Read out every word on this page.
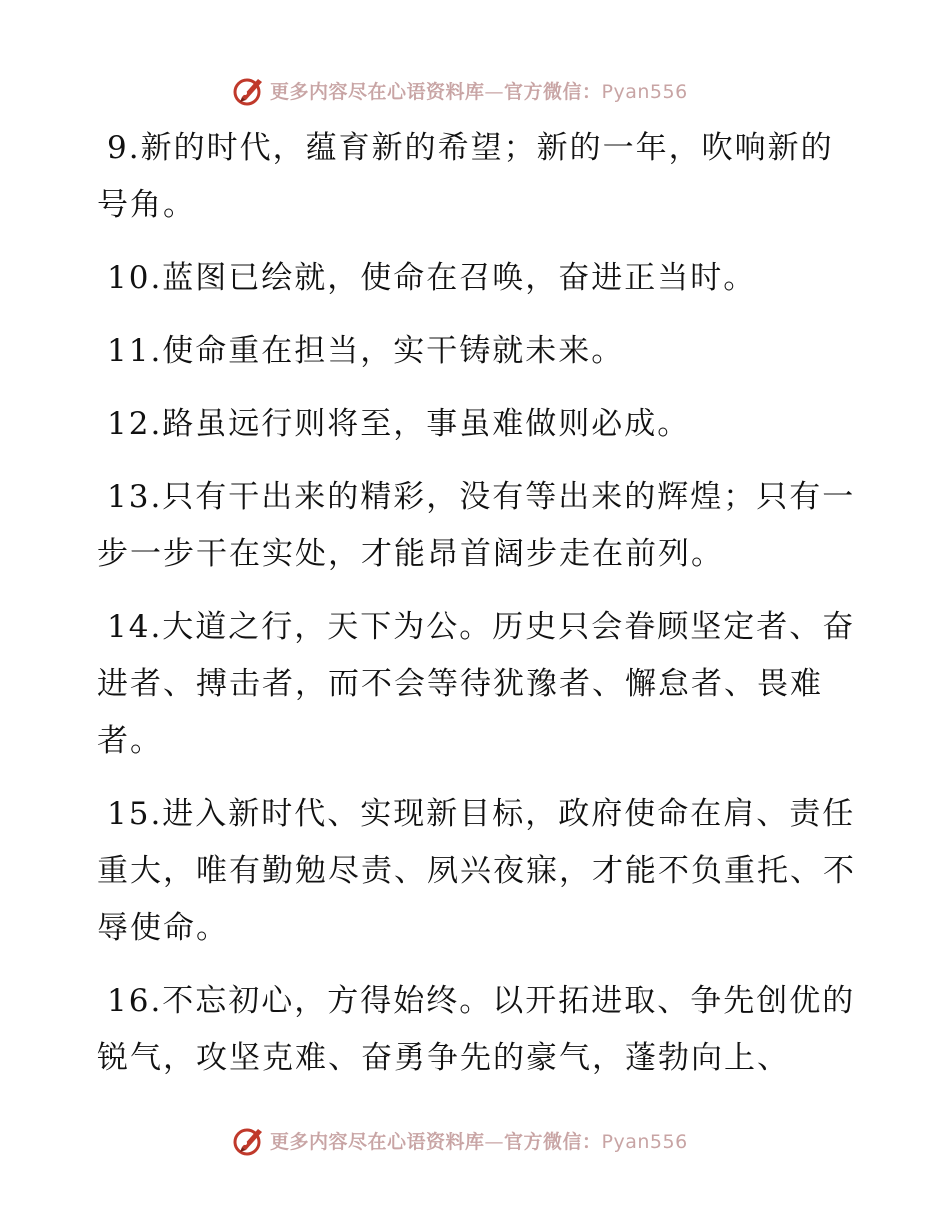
更多内容尽在心语资料库—官方微信：Pyan556

9.新的时代，蕴育新的希望；新的一年，吹响新的号角。

10.蓝图已绘就，使命在召唤，奋进正当时。

11.使命重在担当，实干铸就未来。

12.路虽远行则将至，事虽难做则必成。

13.只有干出来的精彩，没有等出来的辉煌；只有一步一步干在实处，才能昂首阔步走在前列。

14.大道之行，天下为公。历史只会眷顾坚定者、奋进者、搏击者，而不会等待犹豫者、懈怠者、畏难者。

15.进入新时代、实现新目标，政府使命在肩、责任重大，唯有勤勉尽责、夙兴夜寐，才能不负重托、不辱使命。

16.不忘初心，方得始终。以开拓进取、争先创优的锐气，攻坚克难、奋勇争先的豪气，蓬勃向上、

更多内容尽在心语资料库—官方微信：Pyan556
